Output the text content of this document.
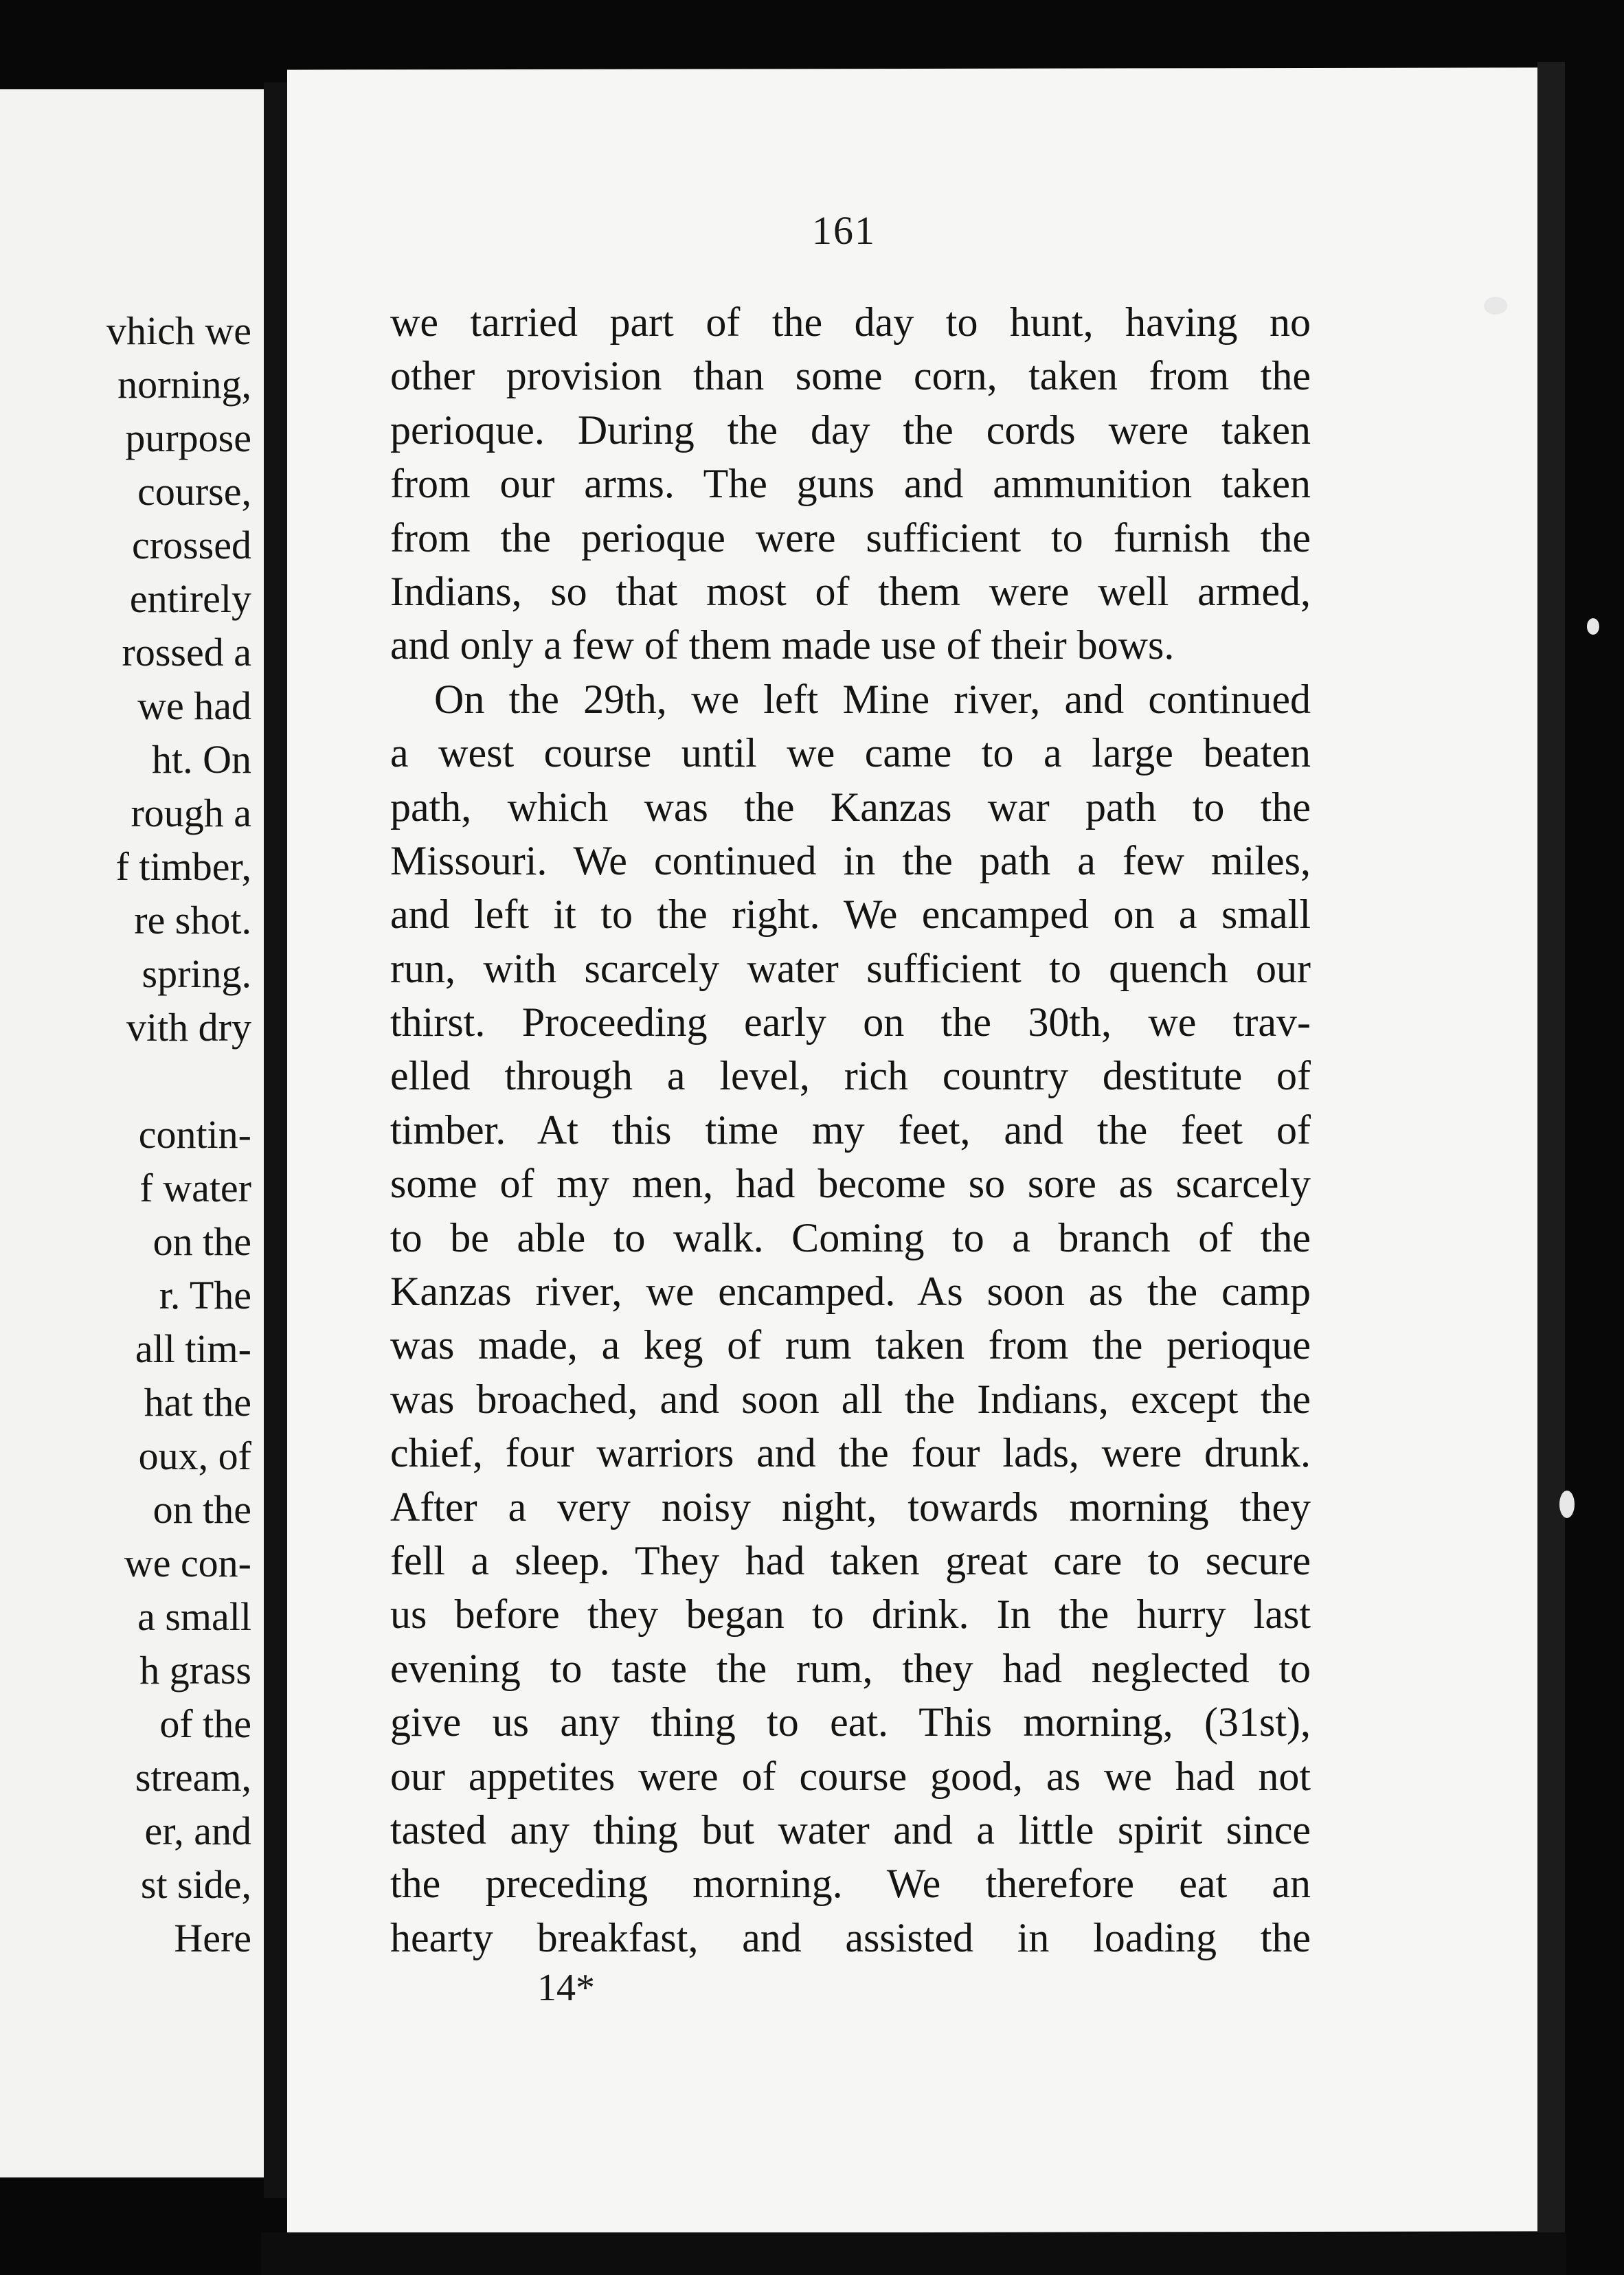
vhich we
norning,
purpose
course,
crossed
entirely
rossed a
we had
ht. On
rough a
f timber,
re shot.
spring.
vith dry
contin-
f water
on the
r. The
all tim-
hat the
oux, of
on the
we con-
a small
h grass
of the
stream,
er, and
st side,
Here
161
we tarried part of the day to hunt, having no
other provision than some corn, taken from the
perioque. During the day the cords were taken
from our arms. The guns and ammunition taken
from the perioque were sufficient to furnish the
Indians, so that most of them were well armed,
and only a few of them made use of their bows.
On the 29th, we left Mine river, and continued
a west course until we came to a large beaten
path, which was the Kanzas war path to the
Missouri. We continued in the path a few miles,
and left it to the right. We encamped on a small
run, with scarcely water sufficient to quench our
thirst. Proceeding early on the 30th, we trav-
elled through a level, rich country destitute of
timber. At this time my feet, and the feet of
some of my men, had become so sore as scarcely
to be able to walk. Coming to a branch of the
Kanzas river, we encamped. As soon as the camp
was made, a keg of rum taken from the perioque
was broached, and soon all the Indians, except the
chief, four warriors and the four lads, were drunk.
After a very noisy night, towards morning they
fell a sleep. They had taken great care to secure
us before they began to drink. In the hurry last
evening to taste the rum, they had neglected to
give us any thing to eat. This morning, (31st),
our appetites were of course good, as we had not
tasted any thing but water and a little spirit since
the preceding morning. We therefore eat an
hearty breakfast, and assisted in loading the
14*
